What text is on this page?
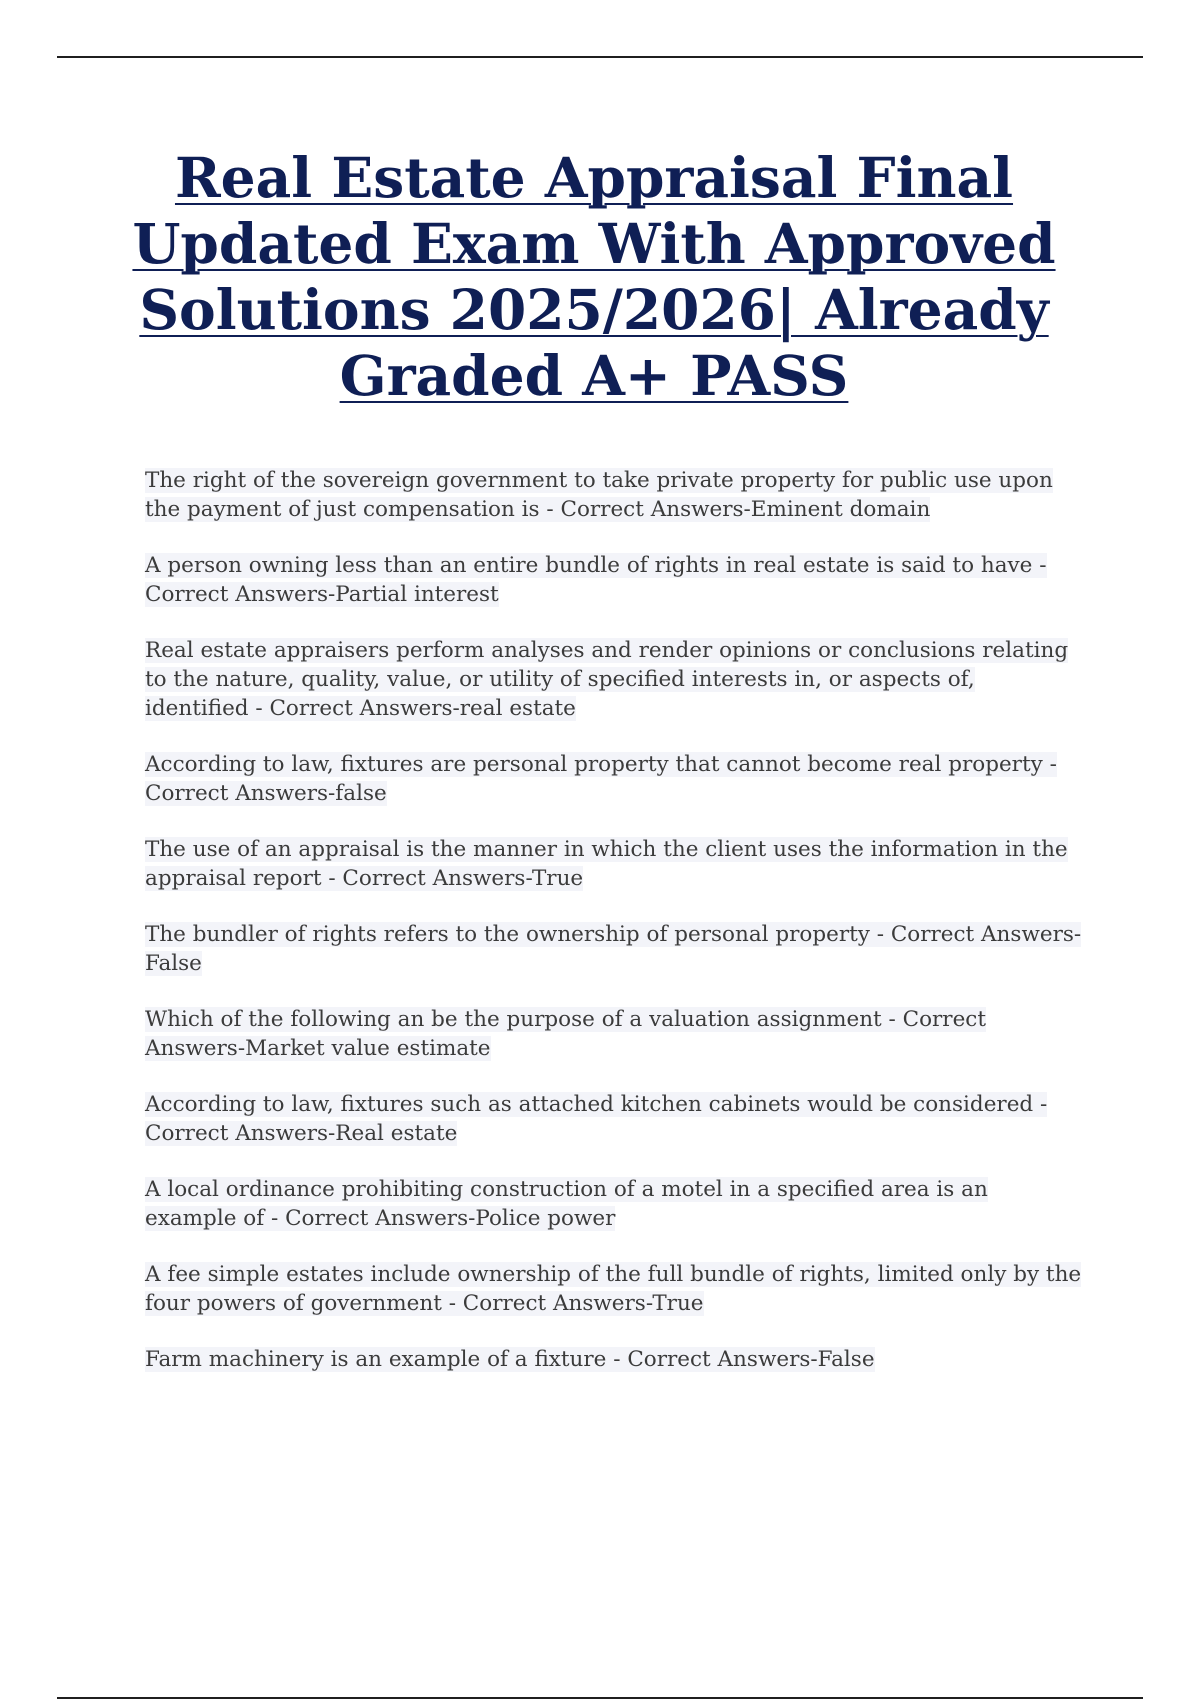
Real Estate Appraisal Final Updated Exam With Approved Solutions 2025/2026| Already Graded A+ PASS
The right of the sovereign government to take private property for public use upon the payment of just compensation is - Correct Answers-Eminent domain
A person owning less than an entire bundle of rights in real estate is said to have - Correct Answers-Partial interest
Real estate appraisers perform analyses and render opinions or conclusions relating to the nature, quality, value, or utility of specified interests in, or aspects of, identified - Correct Answers-real estate
According to law, fixtures are personal property that cannot become real property - Correct Answers-false
The use of an appraisal is the manner in which the client uses the information in the appraisal report - Correct Answers-True
The bundler of rights refers to the ownership of personal property - Correct Answers-False
Which of the following an be the purpose of a valuation assignment - Correct Answers-Market value estimate
According to law, fixtures such as attached kitchen cabinets would be considered - Correct Answers-Real estate
A local ordinance prohibiting construction of a motel in a specified area is an example of - Correct Answers-Police power
A fee simple estates include ownership of the full bundle of rights, limited only by the four powers of government - Correct Answers-True
Farm machinery is an example of a fixture - Correct Answers-False
